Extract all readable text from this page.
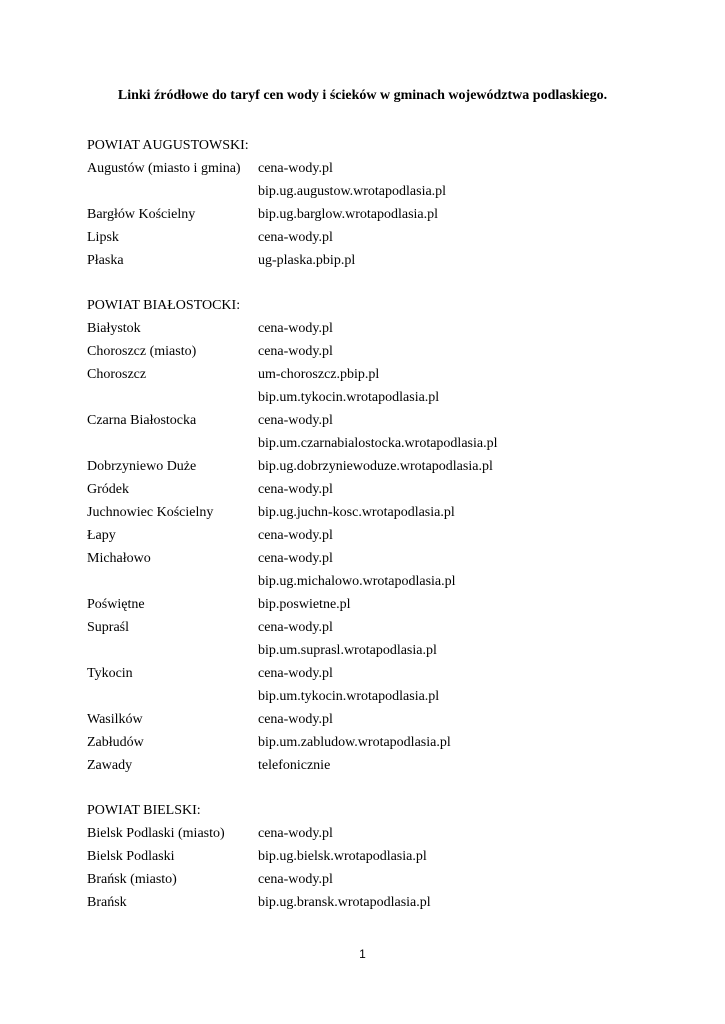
Linki źródłowe do taryf cen wody i ścieków w gminach województwa podlaskiego.
POWIAT AUGUSTOWSKI:
Augustów (miasto i gmina)	cena-wody.pl
bip.ug.augustow.wrotapodlasia.pl
Bargłów Kościelny	bip.ug.barglow.wrotapodlasia.pl
Lipsk	cena-wody.pl
Płaska	ug-plaska.pbip.pl
POWIAT BIAŁOSTOCKI:
Białystok	cena-wody.pl
Choroszcz (miasto)	cena-wody.pl
Choroszcz	um-choroszcz.pbip.pl
bip.um.tykocin.wrotapodlasia.pl
Czarna Białostocka	cena-wody.pl
bip.um.czarnabialostocka.wrotapodlasia.pl
Dobrzyniewo Duże	bip.ug.dobrzyniewoduze.wrotapodlasia.pl
Gródek	cena-wody.pl
Juchnowiec Kościelny	bip.ug.juchn-kosc.wrotapodlasia.pl
Łapy	cena-wody.pl
Michałowo	cena-wody.pl
bip.ug.michalowo.wrotapodlasia.pl
Poświętne	bip.poswietne.pl
Supraśl	cena-wody.pl
bip.um.suprasl.wrotapodlasia.pl
Tykocin	cena-wody.pl
bip.um.tykocin.wrotapodlasia.pl
Wasilków	cena-wody.pl
Zabłudów	bip.um.zabludow.wrotapodlasia.pl
Zawady	telefonicznie
POWIAT BIELSKI:
Bielsk Podlaski (miasto)	cena-wody.pl
Bielsk Podlaski	bip.ug.bielsk.wrotapodlasia.pl
Brańsk (miasto)	cena-wody.pl
Brańsk	bip.ug.bransk.wrotapodlasia.pl
1
